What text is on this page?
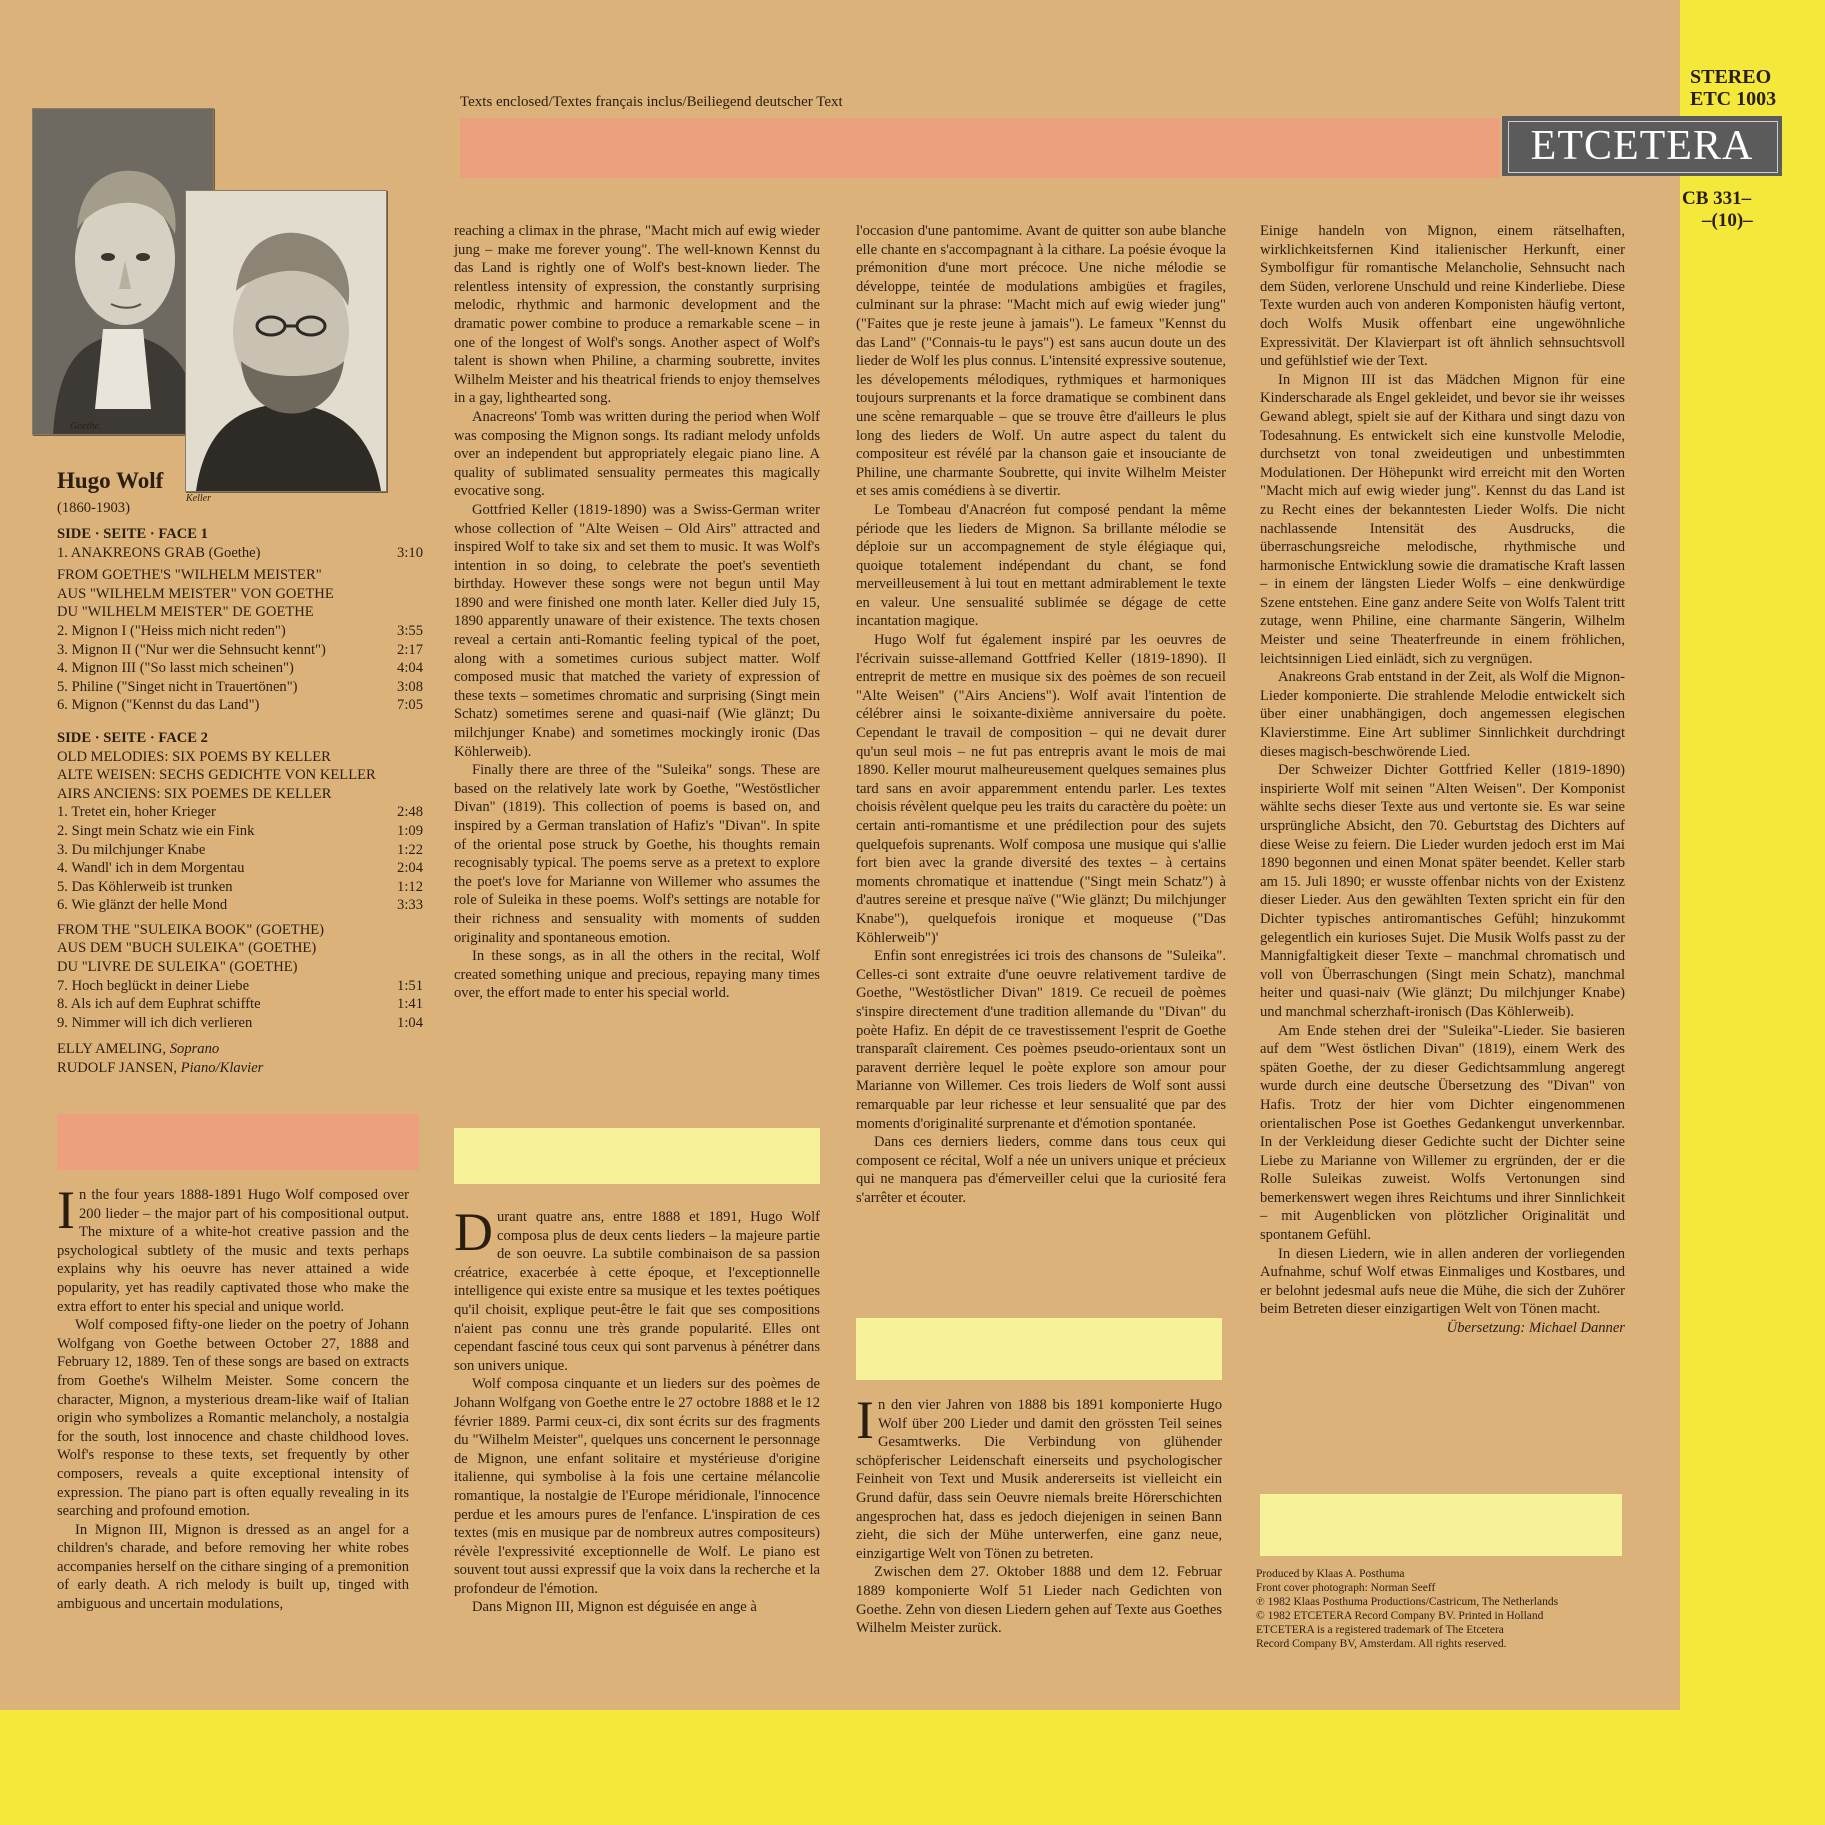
Texts enclosed/Textes français inclus/Beiliegend deutscher Text
STEREO
ETC 1003
ETCETERA
CB 331–
–(10)–
Goethe.
Keller
Hugo Wolf
(1860-1903)
SIDE · SEITE · FACE 1
1. ANAKREONS GRAB (Goethe)	3:10
FROM GOETHE'S "WILHELM MEISTER"
AUS "WILHELM MEISTER" VON GOETHE
DU "WILHELM MEISTER" DE GOETHE
2. Mignon I ("Heiss mich nicht reden")	3:55
3. Mignon II ("Nur wer die Sehnsucht kennt")	2:17
4. Mignon III ("So lasst mich scheinen")	4:04
5. Philine ("Singet nicht in Trauertönen")	3:08
6. Mignon ("Kennst du das Land")	7:05
SIDE · SEITE · FACE 2
OLD MELODIES: SIX POEMS BY KELLER
ALTE WEISEN: SECHS GEDICHTE VON KELLER
AIRS ANCIENS: SIX POEMES DE KELLER
1. Tretet ein, hoher Krieger	2:48
2. Singt mein Schatz wie ein Fink	1:09
3. Du milchjunger Knabe	1:22
4. Wandl' ich in dem Morgentau	2:04
5. Das Köhlerweib ist trunken	1:12
6. Wie glänzt der helle Mond	3:33
FROM THE "SULEIKA BOOK" (GOETHE)
AUS DEM "BUCH SULEIKA" (GOETHE)
DU "LIVRE DE SULEIKA" (GOETHE)
7. Hoch beglückt in deiner Liebe	1:51
8. Als ich auf dem Euphrat schiffte	1:41
9. Nimmer will ich dich verlieren	1:04
ELLY AMELING, Soprano
RUDOLF JANSEN, Piano/Klavier

In the four years 1888-1891 Hugo Wolf composed over 200 lieder – the major part of his compositional output. The mixture of a white-hot creative passion and the psychological subtlety of the music and texts perhaps explains why his oeuvre has never attained a wide popularity, yet has readily captivated those who make the extra effort to enter his special and unique world.

Wolf composed fifty-one lieder on the poetry of Johann Wolfgang von Goethe between October 27, 1888 and February 12, 1889. Ten of these songs are based on extracts from Goethe's Wilhelm Meister. Some concern the character, Mignon, a mysterious dream-like waif of Italian origin who symbolizes a Romantic melancholy, a nostalgia for the south, lost innocence and chaste childhood loves. Wolf's response to these texts, set frequently by other composers, reveals a quite exceptional intensity of expression. The piano part is often equally revealing in its searching and profound emotion.

In Mignon III, Mignon is dressed as an angel for a children's charade, and before removing her white robes accompanies herself on the cithare singing of a premonition of early death. A rich melody is built up, tinged with ambiguous and uncertain modulations,

reaching a climax in the phrase, "Macht mich auf ewig wieder jung – make me forever young". The well-known Kennst du das Land is rightly one of Wolf's best-known lieder. The relentless intensity of expression, the constantly surprising melodic, rhythmic and harmonic development and the dramatic power combine to produce a remarkable scene – in one of the longest of Wolf's songs. Another aspect of Wolf's talent is shown when Philine, a charming soubrette, invites Wilhelm Meister and his theatrical friends to enjoy themselves in a gay, lighthearted song.

Anacreons' Tomb was written during the period when Wolf was composing the Mignon songs. Its radiant melody unfolds over an independent but appropriately elegaic piano line. A quality of sublimated sensuality permeates this magically evocative song.

Gottfried Keller (1819-1890) was a Swiss-German writer whose collection of "Alte Weisen – Old Airs" attracted and inspired Wolf to take six and set them to music. It was Wolf's intention in so doing, to celebrate the poet's seventieth birthday. However these songs were not begun until May 1890 and were finished one month later. Keller died July 15, 1890 apparently unaware of their existence. The texts chosen reveal a certain anti-Romantic feeling typical of the poet, along with a sometimes curious subject matter. Wolf composed music that matched the variety of expression of these texts – sometimes chromatic and surprising (Singt mein Schatz) sometimes serene and quasi-naif (Wie glänzt; Du milchjunger Knabe) and sometimes mockingly ironic (Das Köhlerweib).

Finally there are three of the "Suleika" songs. These are based on the relatively late work by Goethe, "Westöstlicher Divan" (1819). This collection of poems is based on, and inspired by a German translation of Hafiz's "Divan". In spite of the oriental pose struck by Goethe, his thoughts remain recognisably typical. The poems serve as a pretext to explore the poet's love for Marianne von Willemer who assumes the role of Suleika in these poems. Wolf's settings are notable for their richness and sensuality with moments of sudden originality and spontaneous emotion.

In these songs, as in all the others in the recital, Wolf created something unique and precious, repaying many times over, the effort made to enter his special world.

Durant quatre ans, entre 1888 et 1891, Hugo Wolf composa plus de deux cents lieders – la majeure partie de son oeuvre. La subtile combinaison de sa passion créatrice, exacerbée à cette époque, et l'exceptionnelle intelligence qui existe entre sa musique et les textes poétiques qu'il choisit, explique peut-être le fait que ses compositions n'aient pas connu une très grande popularité. Elles ont cependant fasciné tous ceux qui sont parvenus à pénétrer dans son univers unique.

Wolf composa cinquante et un lieders sur des poèmes de Johann Wolfgang von Goethe entre le 27 octobre 1888 et le 12 février 1889. Parmi ceux-ci, dix sont écrits sur des fragments du "Wilhelm Meister", quelques uns concernent le personnage de Mignon, une enfant solitaire et mystérieuse d'origine italienne, qui symbolise à la fois une certaine mélancolie romantique, la nostalgie de l'Europe méridionale, l'innocence perdue et les amours pures de l'enfance. L'inspiration de ces textes (mis en musique par de nombreux autres compositeurs) révèle l'expressivité exceptionnelle de Wolf. Le piano est souvent tout aussi expressif que la voix dans la recherche et la profondeur de l'émotion.

Dans Mignon III, Mignon est déguisée en ange à

l'occasion d'une pantomime. Avant de quitter son aube blanche elle chante en s'accompagnant à la cithare. La poésie évoque la prémonition d'une mort précoce. Une niche mélodie se développe, teintée de modulations ambigües et fragiles, culminant sur la phrase: "Macht mich auf ewig wieder jung" ("Faites que je reste jeune à jamais"). Le fameux "Kennst du das Land" ("Connais-tu le pays") est sans aucun doute un des lieder de Wolf les plus connus. L'intensité expressive soutenue, les dévelopements mélodiques, rythmiques et harmoniques toujours surprenants et la force dramatique se combinent dans une scène remarquable – que se trouve être d'ailleurs le plus long des lieders de Wolf. Un autre aspect du talent du compositeur est révélé par la chanson gaie et insouciante de Philine, une charmante Soubrette, qui invite Wilhelm Meister et ses amis comédiens à se divertir.

Le Tombeau d'Anacréon fut composé pendant la même période que les lieders de Mignon. Sa brillante mélodie se déploie sur un accompagnement de style élégiaque qui, quoique totalement indépendant du chant, se fond merveilleusement à lui tout en mettant admirablement le texte en valeur. Une sensualité sublimée se dégage de cette incantation magique.

Hugo Wolf fut également inspiré par les oeuvres de l'écrivain suisse-allemand Gottfried Keller (1819-1890). Il entreprit de mettre en musique six des poèmes de son recueil "Alte Weisen" ("Airs Anciens"). Wolf avait l'intention de célébrer ainsi le soixante-dixième anniversaire du poète. Cependant le travail de composition – qui ne devait durer qu'un seul mois – ne fut pas entrepris avant le mois de mai 1890. Keller mourut malheureusement quelques semaines plus tard sans en avoir apparemment entendu parler. Les textes choisis révèlent quelque peu les traits du caractère du poète: un certain anti-romantisme et une prédilection pour des sujets quelquefois suprenants. Wolf composa une musique qui s'allie fort bien avec la grande diversité des textes – à certains moments chromatique et inattendue ("Singt mein Schatz") à d'autres sereine et presque naïve ("Wie glänzt; Du milchjunger Knabe"), quelquefois ironique et moqueuse ("Das Köhlerweib")'

Enfin sont enregistrées ici trois des chansons de "Suleika". Celles-ci sont extraite d'une oeuvre relativement tardive de Goethe, "Westöstlicher Divan" 1819. Ce recueil de poèmes s'inspire directement d'une tradition allemande du "Divan" du poète Hafiz. En dépit de ce travestissement l'esprit de Goethe transparaît clairement. Ces poèmes pseudo-orientaux sont un paravent derrière lequel le poète explore son amour pour Marianne von Willemer. Ces trois lieders de Wolf sont aussi remarquable par leur richesse et leur sensualité que par des moments d'originalité surprenante et d'émotion spontanée.

Dans ces derniers lieders, comme dans tous ceux qui composent ce récital, Wolf a née un univers unique et précieux qui ne manquera pas d'émerveiller celui que la curiosité fera s'arrêter et écouter.

In den vier Jahren von 1888 bis 1891 komponierte Hugo Wolf über 200 Lieder und damit den grössten Teil seines Gesamtwerks. Die Verbindung von glühender schöpferischer Leidenschaft einerseits und psychologischer Feinheit von Text und Musik andererseits ist vielleicht ein Grund dafür, dass sein Oeuvre niemals breite Hörerschichten angesprochen hat, dass es jedoch diejenigen in seinen Bann zieht, die sich der Mühe unterwerfen, eine ganz neue, einzigartige Welt von Tönen zu betreten.

Zwischen dem 27. Oktober 1888 und dem 12. Februar 1889 komponierte Wolf 51 Lieder nach Gedichten von Goethe. Zehn von diesen Liedern gehen auf Texte aus Goethes Wilhelm Meister zurück.

Einige handeln von Mignon, einem rätselhaften, wirklichkeitsfernen Kind italienischer Herkunft, einer Symbolfigur für romantische Melancholie, Sehnsucht nach dem Süden, verlorene Unschuld und reine Kinderliebe. Diese Texte wurden auch von anderen Komponisten häufig vertont, doch Wolfs Musik offenbart eine ungewöhnliche Expressivität. Der Klavierpart ist oft ähnlich sehnsuchtsvoll und gefühlstief wie der Text.

In Mignon III ist das Mädchen Mignon für eine Kinderscharade als Engel gekleidet, und bevor sie ihr weisses Gewand ablegt, spielt sie auf der Kithara und singt dazu von Todesahnung. Es entwickelt sich eine kunstvolle Melodie, durchsetzt von tonal zweideutigen und unbestimmten Modulationen. Der Höhepunkt wird erreicht mit den Worten "Macht mich auf ewig wieder jung". Kennst du das Land ist zu Recht eines der bekanntesten Lieder Wolfs. Die nicht nachlassende Intensität des Ausdrucks, die überraschungsreiche melodische, rhythmische und harmonische Entwicklung sowie die dramatische Kraft lassen – in einem der längsten Lieder Wolfs – eine denkwürdige Szene entstehen. Eine ganz andere Seite von Wolfs Talent tritt zutage, wenn Philine, eine charmante Sängerin, Wilhelm Meister und seine Theaterfreunde in einem fröhlichen, leichtsinnigen Lied einlädt, sich zu vergnügen.

Anakreons Grab entstand in der Zeit, als Wolf die Mignon-Lieder komponierte. Die strahlende Melodie entwickelt sich über einer unabhängigen, doch angemessen elegischen Klavierstimme. Eine Art sublimer Sinnlichkeit durchdringt dieses magisch-beschwörende Lied.

Der Schweizer Dichter Gottfried Keller (1819-1890) inspirierte Wolf mit seinen "Alten Weisen". Der Komponist wählte sechs dieser Texte aus und vertonte sie. Es war seine ursprüngliche Absicht, den 70. Geburtstag des Dichters auf diese Weise zu feiern. Die Lieder wurden jedoch erst im Mai 1890 begonnen und einen Monat später beendet. Keller starb am 15. Juli 1890; er wusste offenbar nichts von der Existenz dieser Lieder. Aus den gewählten Texten spricht ein für den Dichter typisches antiromantisches Gefühl; hinzukommt gelegentlich ein kurioses Sujet. Die Musik Wolfs passt zu der Mannigfaltigkeit dieser Texte – manchmal chromatisch und voll von Überraschungen (Singt mein Schatz), manchmal heiter und quasi-naiv (Wie glänzt; Du milchjunger Knabe) und manchmal scherzhaft-ironisch (Das Köhlerweib).

Am Ende stehen drei der "Suleika"-Lieder. Sie basieren auf dem "West östlichen Divan" (1819), einem Werk des späten Goethe, der zu dieser Gedichtsammlung angeregt wurde durch eine deutsche Übersetzung des "Divan" von Hafis. Trotz der hier vom Dichter eingenommenen orientalischen Pose ist Goethes Gedankengut unverkennbar. In der Verkleidung dieser Gedichte sucht der Dichter seine Liebe zu Marianne von Willemer zu ergründen, der er die Rolle Suleikas zuweist. Wolfs Vertonungen sind bemerkenswert wegen ihres Reichtums und ihrer Sinnlichkeit – mit Augenblicken von plötzlicher Originalität und spontanem Gefühl.

In diesen Liedern, wie in allen anderen der vorliegenden Aufnahme, schuf Wolf etwas Einmaliges und Kostbares, und er belohnt jedesmal aufs neue die Mühe, die sich der Zuhörer beim Betreten dieser einzigartigen Welt von Tönen macht.

Übersetzung: Michael Danner
Produced by Klaas A. Posthuma
Front cover photograph: Norman Seeff
℗ 1982 Klaas Posthuma Productions/Castricum, The Netherlands
© 1982 ETCETERA Record Company BV. Printed in Holland
ETCETERA is a registered trademark of The Etcetera
Record Company BV, Amsterdam. All rights reserved.
